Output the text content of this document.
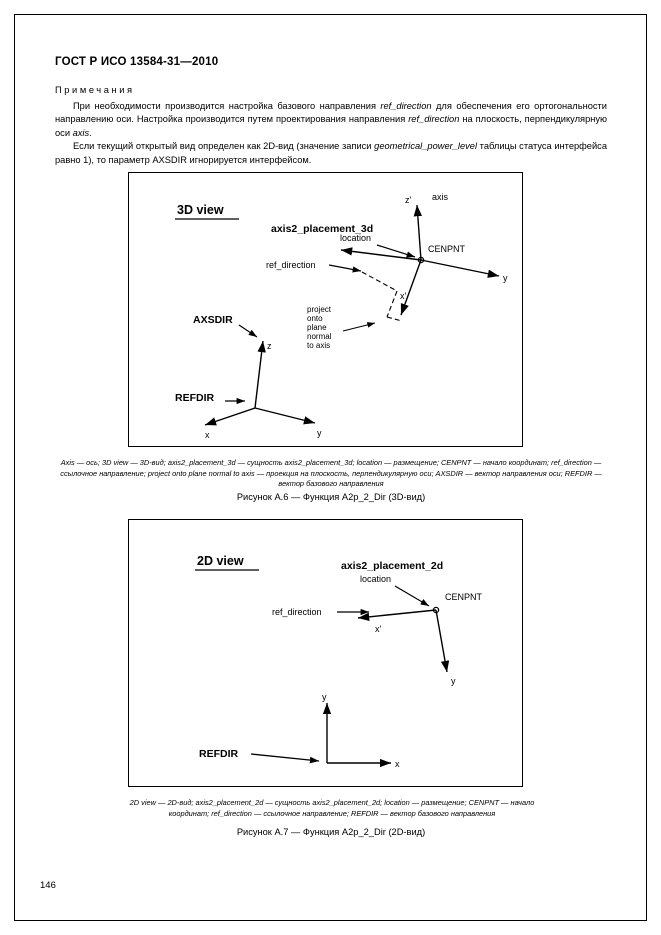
ГОСТ Р ИСО 13584-31—2010
Примечания

При необходимости производится настройка базового направления ref_direction для обеспечения его ортогональности направлению оси. Настройка производится путем проектирования направления ref_direction на плоскость, перпендикулярную оси axis.

Если текущий открытый вид определен как 2D-вид (значение записи geometrical_power_level таблицы статуса интерфейса равно 1), то параметр AXSDIR игнорируется интерфейсом.

3D view
axis2_placement_3d
z' axis
y
location
CENPNT
ref_direction
x'
project
onto
plane
normal
to axis
AXSDIR
REFDIR
z
x	y
Axis — ось; 3D view — 3D-вид; axis2_placement_3d — сущность axis2_placement_3d; location — размещение; CENPNT — начало координат; ref_direction — ссылочное направление; project onto plane normal to axis — проекция на плоскость, перпендикулярную оси; AXSDIR — вектор направления оси; REFDIR — вектор базового направления
Рисунок А.6 — Функция A2p_2_Dir (3D-вид)
2D view	axis2_placement_2d
x'
y
location
CENPNT
ref_direction
y
x
REFDIR
2D view — 2D-вид; axis2_placement_2d — сущность axis2_placement_2d; location — размещение; CENPNT — начало координат; ref_direction — ссылочное направление; REFDIR — вектор базового направления
Рисунок А.7 — Функция A2p_2_Dir (2D-вид)
146
